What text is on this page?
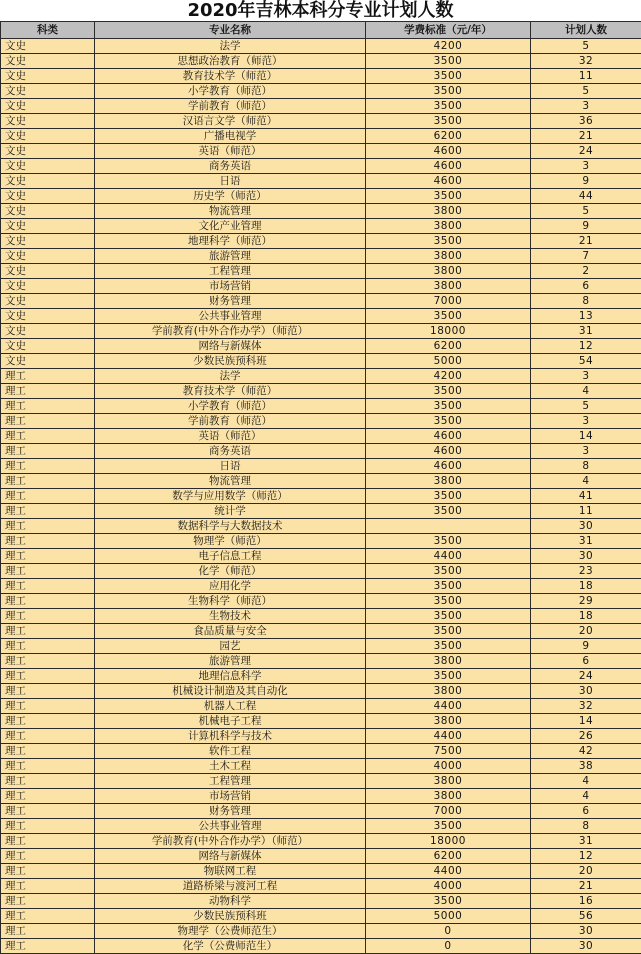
2020年吉林本科分专业计划人数
科类	专业名称	学费标准（元/年）	计划人数
文史	法学	4200	5
文史	思想政治教育（师范）	3500	32
文史	教育技术学（师范）	3500	11
文史	小学教育（师范）	3500	5
文史	学前教育（师范）	3500	3
文史	汉语言文学（师范）	3500	36
文史	广播电视学	6200	21
文史	英语（师范）	4600	24
文史	商务英语	4600	3
文史	日语	4600	9
文史	历史学（师范）	3500	44
文史	物流管理	3800	5
文史	文化产业管理	3800	9
文史	地理科学（师范）	3500	21
文史	旅游管理	3800	7
文史	工程管理	3800	2
文史	市场营销	3800	6
文史	财务管理	7000	8
文史	公共事业管理	3500	13
文史	学前教育(中外合作办学）（师范）	18000	31
文史	网络与新媒体	6200	12
文史	少数民族预科班	5000	54
理工	法学	4200	3
理工	教育技术学（师范）	3500	4
理工	小学教育（师范）	3500	5
理工	学前教育（师范）	3500	3
理工	英语（师范）	4600	14
理工	商务英语	4600	3
理工	日语	4600	8
理工	物流管理	3800	4
理工	数学与应用数学（师范）	3500	41
理工	统计学	3500	11
理工	数据科学与大数据技术		30
理工	物理学（师范）	3500	31
理工	电子信息工程	4400	30
理工	化学（师范）	3500	23
理工	应用化学	3500	18
理工	生物科学（师范）	3500	29
理工	生物技术	3500	18
理工	食品质量与安全	3500	20
理工	园艺	3500	9
理工	旅游管理	3800	6
理工	地理信息科学	3500	24
理工	机械设计制造及其自动化	3800	30
理工	机器人工程	4400	32
理工	机械电子工程	3800	14
理工	计算机科学与技术	4400	26
理工	软件工程	7500	42
理工	土木工程	4000	38
理工	工程管理	3800	4
理工	市场营销	3800	4
理工	财务管理	7000	6
理工	公共事业管理	3500	8
理工	学前教育(中外合作办学）（师范）	18000	31
理工	网络与新媒体	6200	12
理工	物联网工程	4400	20
理工	道路桥梁与渡河工程	4000	21
理工	动物科学	3500	16
理工	少数民族预科班	5000	56
理工	物理学（公费师范生）	0	30
理工	化学（公费师范生）	0	30
